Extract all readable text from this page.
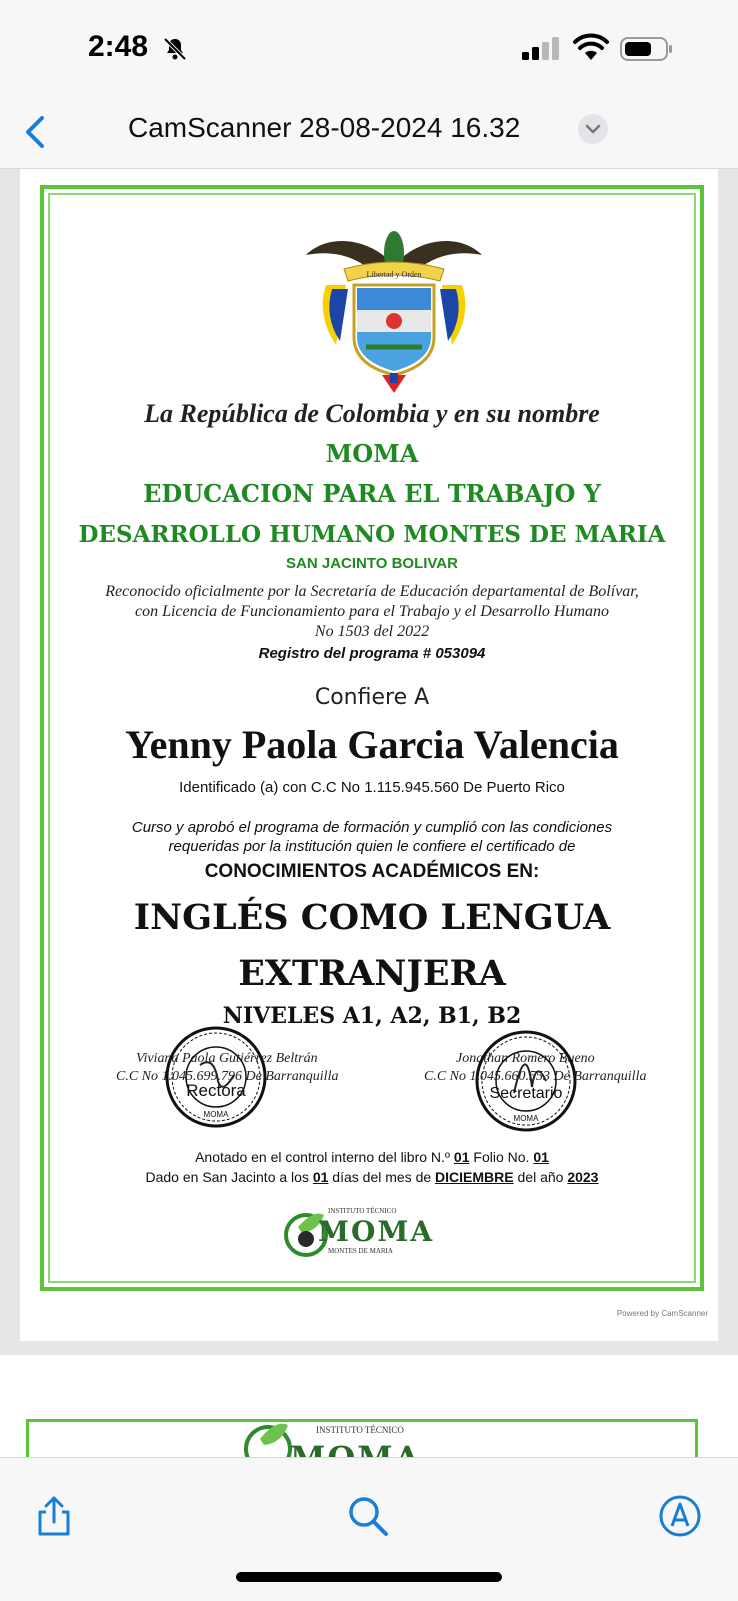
2:48
CamScanner 28-08-2024 16.32
Libertad y Orden
La República de Colombia y en su nombre
MOMA
EDUCACION PARA EL TRABAJO Y
DESARROLLO HUMANO MONTES DE MARIA
SAN JACINTO BOLIVAR
Reconocido oficialmente por la Secretaría de Educación departamental de Bolívar,
con Licencia de Funcionamiento para el Trabajo y el Desarrollo Humano
No 1503 del 2022
Registro del programa # 053094
Confiere A
Yenny Paola Garcia Valencia
Identificado (a) con C.C No 1.115.945.560 De Puerto Rico
Curso y aprobó el programa de formación y cumplió con las condiciones
requeridas por la institución quien le confiere el certificado de
CONOCIMIENTOS ACADÉMICOS EN:
INGLÉS COMO LENGUA
EXTRANJERA
NIVELES A1, A2, B1, B2
Viviana Paola Gutiérrez Beltrán
C.C No 1.045.699.796 De Barranquilla
MOMA
Rectora
Jonathan Romero Bueno
C.C No 1.045.660.553 De Barranquilla
MOMA
Secretario
Anotado en el control interno del libro N.º 01 Folio No. 01
Dado en San Jacinto a los 01 días del mes de DICIEMBRE del año 2023
INSTITUTO TÉCNICO
MOMA
MONTES DE MARIA
Powered by CamScanner
INSTITUTO TÉCNICO
